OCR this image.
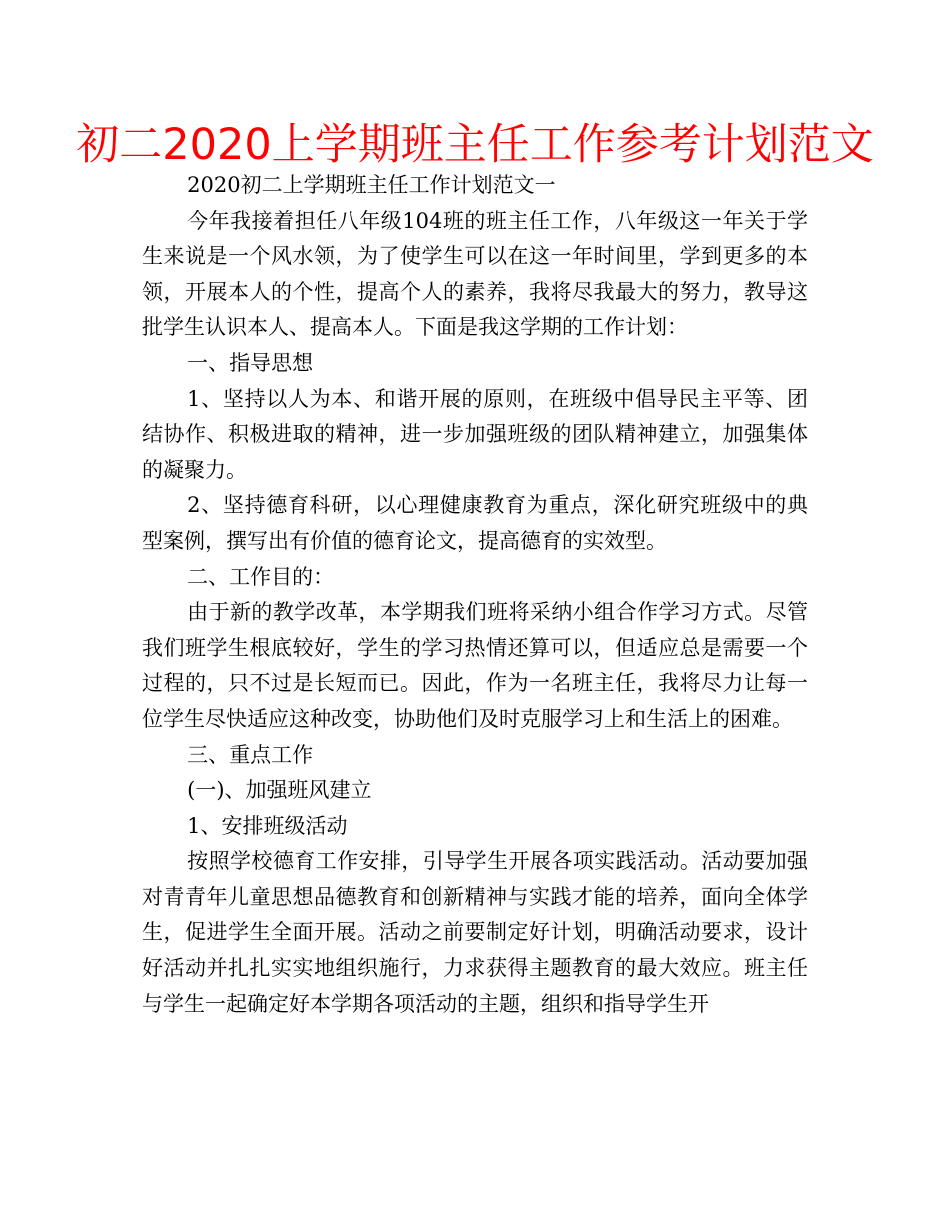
初二2020上学期班主任工作参考计划范文

2020初二上学期班主任工作计划范文一

今年我接着担任八年级104班的班主任工作，八年级这一年关于学生来说是一个风水领，为了使学生可以在这一年时间里，学到更多的本领，开展本人的个性，提高个人的素养，我将尽我最大的努力，教导这批学生认识本人、提高本人。下面是我这学期的工作计划：

一、指导思想

1、坚持以人为本、和谐开展的原则，在班级中倡导民主平等、团结协作、积极进取的精神，进一步加强班级的团队精神建立，加强集体的凝聚力。

2、坚持德育科研，以心理健康教育为重点，深化研究班级中的典型案例，撰写出有价值的德育论文，提高德育的实效型。

二、工作目的：

由于新的教学改革，本学期我们班将采纳小组合作学习方式。尽管我们班学生根底较好，学生的学习热情还算可以，但适应总是需要一个过程的，只不过是长短而已。因此，作为一名班主任，我将尽力让每一位学生尽快适应这种改变，协助他们及时克服学习上和生活上的困难。

三、重点工作

(一)、加强班风建立

1、安排班级活动

按照学校德育工作安排，引导学生开展各项实践活动。活动要加强对青青年儿童思想品德教育和创新精神与实践才能的培养，面向全体学生，促进学生全面开展。活动之前要制定好计划，明确活动要求，设计好活动并扎扎实实地组织施行，力求获得主题教育的最大效应。班主任与学生一起确定好本学期各项活动的主题，组织和指导学生开
